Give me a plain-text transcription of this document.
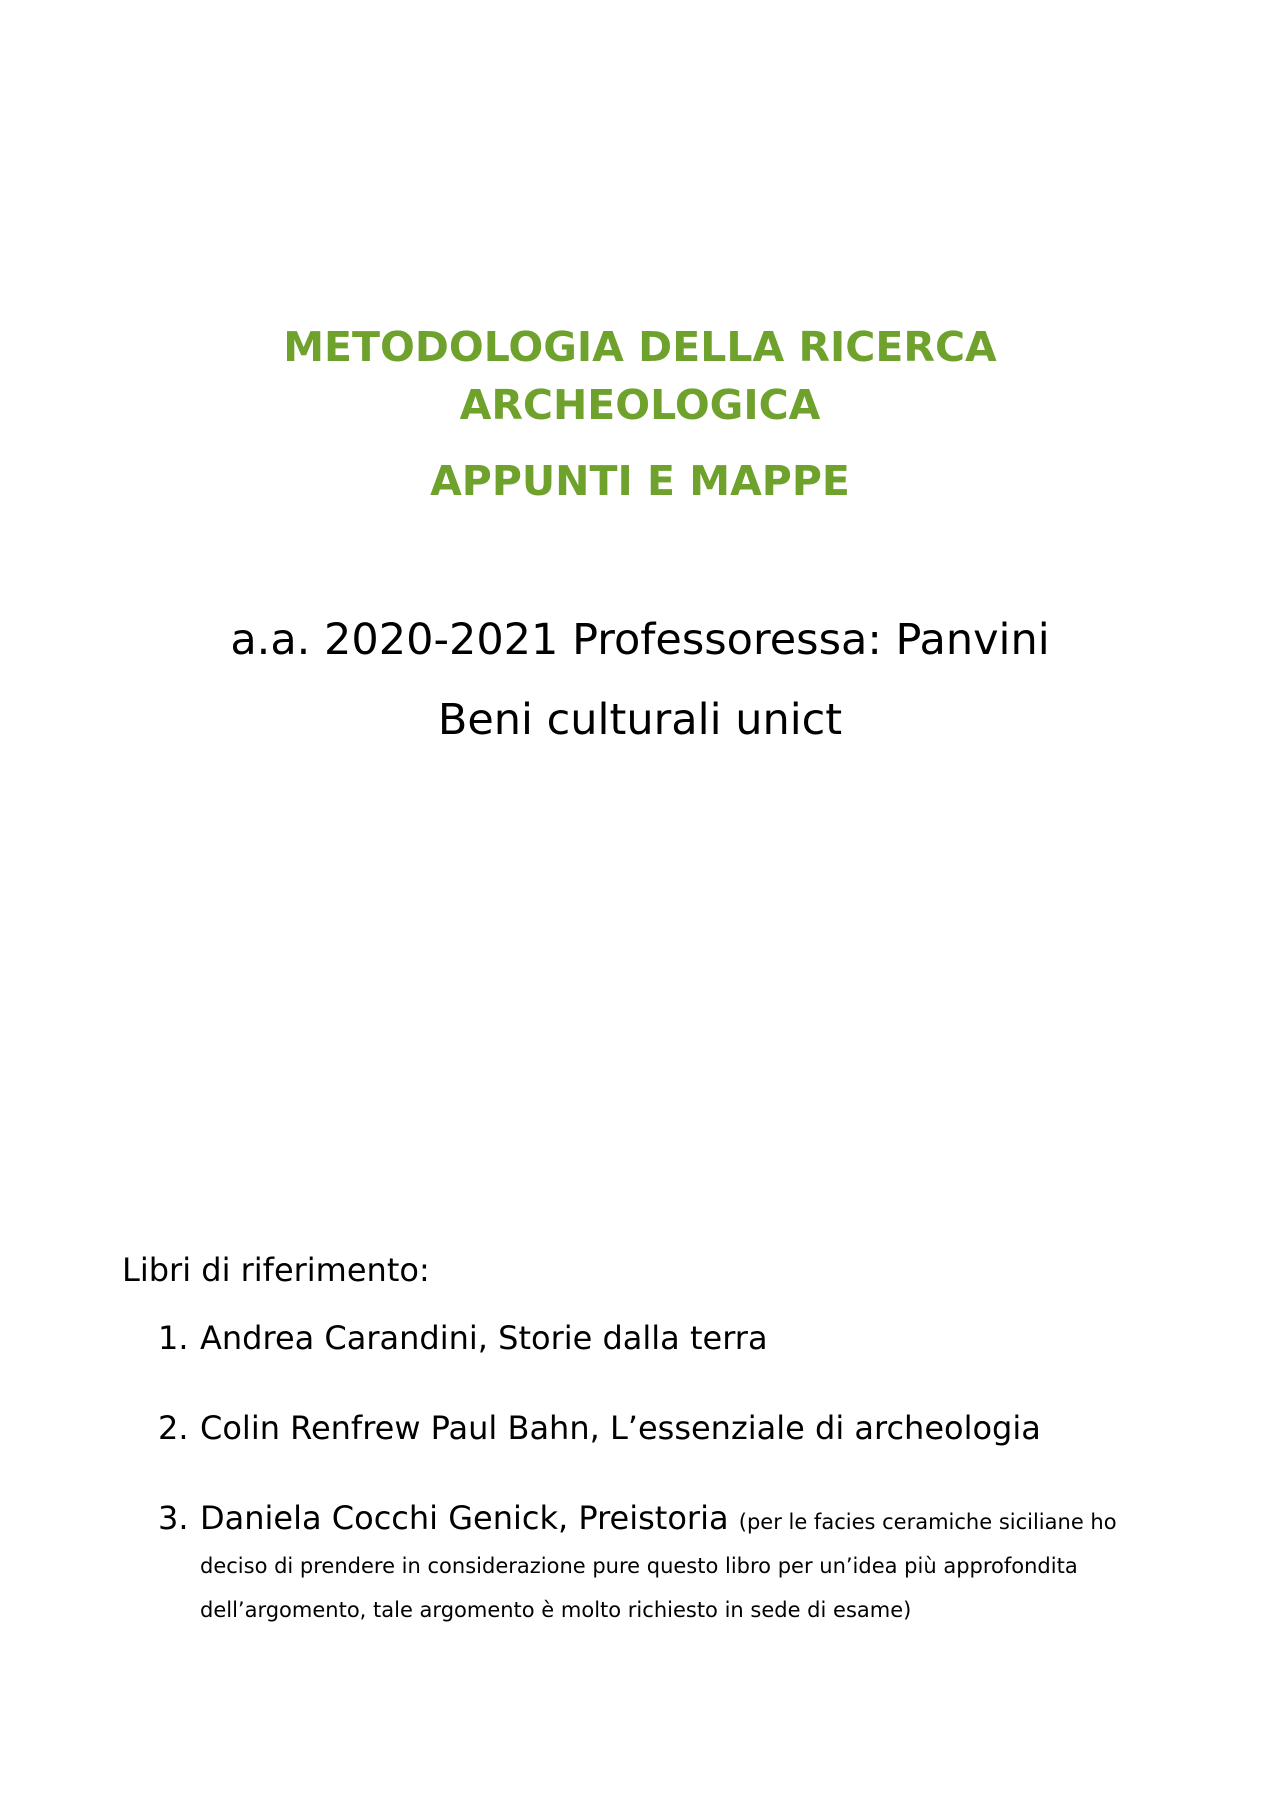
METODOLOGIA DELLA RICERCA

ARCHEOLOGICA

APPUNTI E MAPPE

a.a. 2020-2021 Professoressa: Panvini

Beni culturali unict

Libri di riferimento:

1. Andrea Carandini, Storie dalla terra
2. Colin Renfrew Paul Bahn, L’essenziale di archeologia
3. Daniela Cocchi Genick, Preistoria (per le facies ceramiche siciliane ho deciso di prendere in considerazione pure questo libro per un’idea più approfondita dell’argomento, tale argomento è molto richiesto in sede di esame)
